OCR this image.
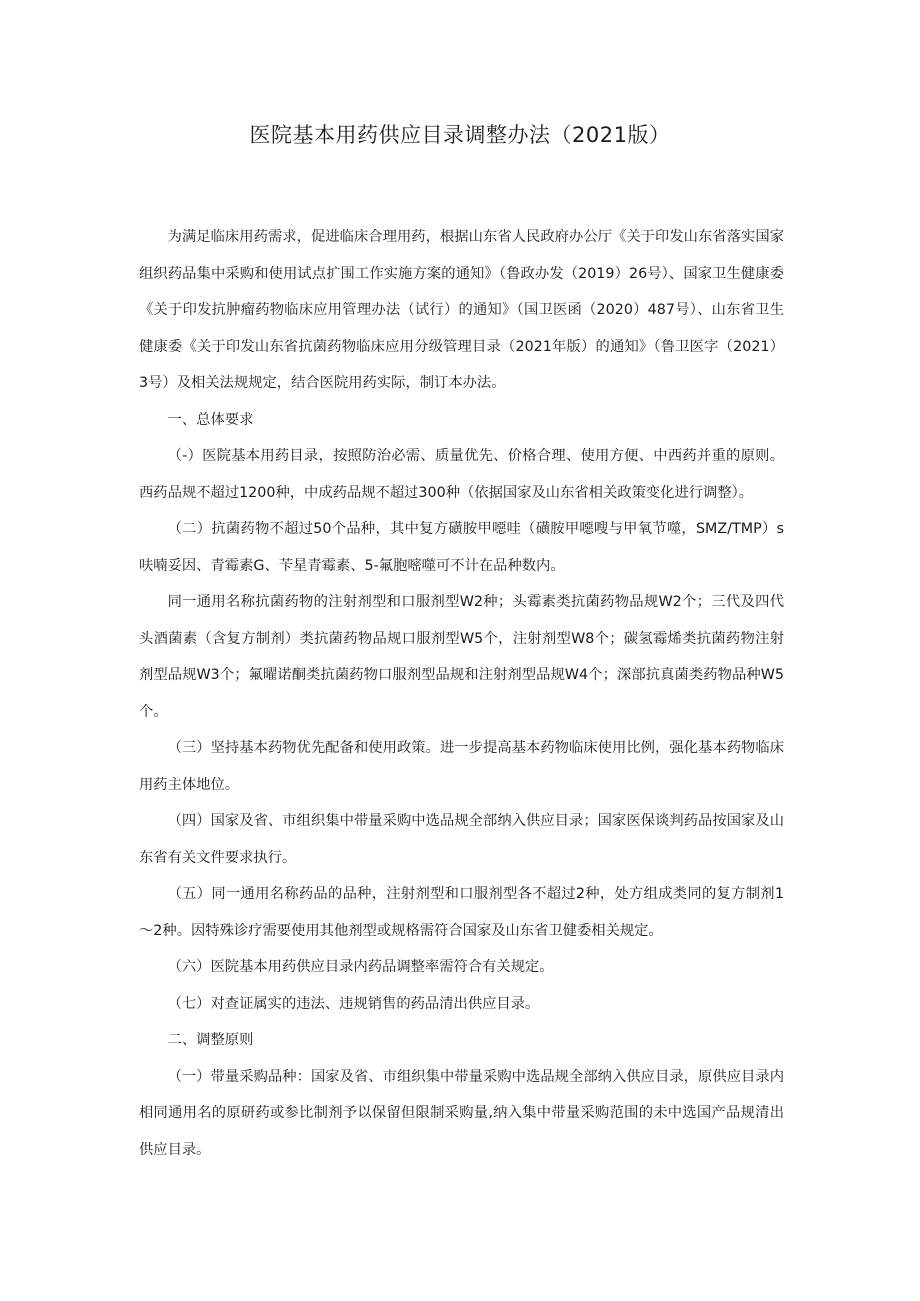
医院基本用药供应目录调整办法（2021版）

为满足临床用药需求，促进临床合理用药，根据山东省人民政府办公厅《关于印发山东省落实国家组织药品集中采购和使用试点扩围工作实施方案的通知》（鲁政办发（2019）26号）、国家卫生健康委《关于印发抗肿瘤药物临床应用管理办法（试行）的通知》（国卫医函（2020）487号）、山东省卫生健康委《关于印发山东省抗菌药物临床应用分级管理目录（2021年版）的通知》（鲁卫医字（2021）3号）及相关法规规定，结合医院用药实际，制订本办法。

一、总体要求

（-）医院基本用药目录，按照防治必需、质量优先、价格合理、使用方便、中西药并重的原则。西药品规不超过1200种，中成药品规不超过300种（依据国家及山东省相关政策变化进行调整）。

（二）抗菌药物不超过50个品种，其中复方磺胺甲噁哇（磺胺甲噁嗖与甲氧节噬，SMZ/TMP）s呋喃妥因、青霉素G、苄星青霉素、5-氟胞嘧噬可不计在品种数内。

同一通用名称抗菌药物的注射剂型和口服剂型W2种；头霉素类抗菌药物品规W2个；三代及四代头酒菌素（含复方制剂）类抗菌药物品规口服剂型W5个，注射剂型W8个；碳氢霉烯类抗菌药物注射剂型品规W3个；氟曜诺酮类抗菌药物口服剂型品规和注射剂型品规W4个；深部抗真菌类药物品种W5个。

（三）坚持基本药物优先配备和使用政策。进一步提高基本药物临床使用比例，强化基本药物临床用药主体地位。

（四）国家及省、市组织集中带量采购中选品规全部纳入供应目录；国家医保谈判药品按国家及山东省有关文件要求执行。

（五）同一通用名称药品的品种，注射剂型和口服剂型各不超过2种，处方组成类同的复方制剂1～2种。因特殊诊疗需要使用其他剂型或规格需符合国家及山东省卫健委相关规定。

（六）医院基本用药供应目录内药品调整率需符合有关规定。

（七）对查证属实的违法、违规销售的药品清出供应目录。

二、调整原则

（一）带量采购品种：国家及省、市组织集中带量采购中选品规全部纳入供应目录，原供应目录内相同通用名的原研药或参比制剂予以保留但限制采购量,纳入集中带量采购范围的未中选国产品规清出供应目录。
